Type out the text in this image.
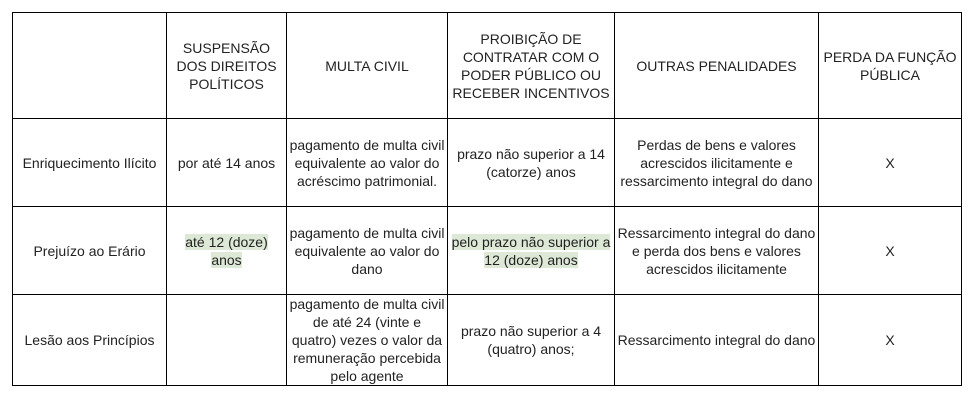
	SUSPENSÃO DOS DIREITOS POLÍTICOS	MULTA CIVIL	PROIBIÇÃO DE CONTRATAR COM O PODER PÚBLICO OU RECEBER INCENTIVOS	OUTRAS PENALIDADES	PERDA DA FUNÇÃO PÚBLICA
Enriquecimento Ilícito	por até 14 anos	pagamento de multa civil equivalente ao valor do acréscimo patrimonial.	prazo não superior a 14 (catorze) anos	Perdas de bens e valores acrescidos ilicitamente e ressarcimento integral do dano	X
Prejuízo ao Erário	até 12 (doze) anos	pagamento de multa civil equivalente ao valor do dano	pelo prazo não superior a 12 (doze) anos	Ressarcimento integral do dano e perda dos bens e valores acrescidos ilicitamente	X
Lesão aos Princípios		pagamento de multa civil de até 24 (vinte e quatro) vezes o valor da remuneração percebida pelo agente	prazo não superior a 4 (quatro) anos;	Ressarcimento integral do dano	X
